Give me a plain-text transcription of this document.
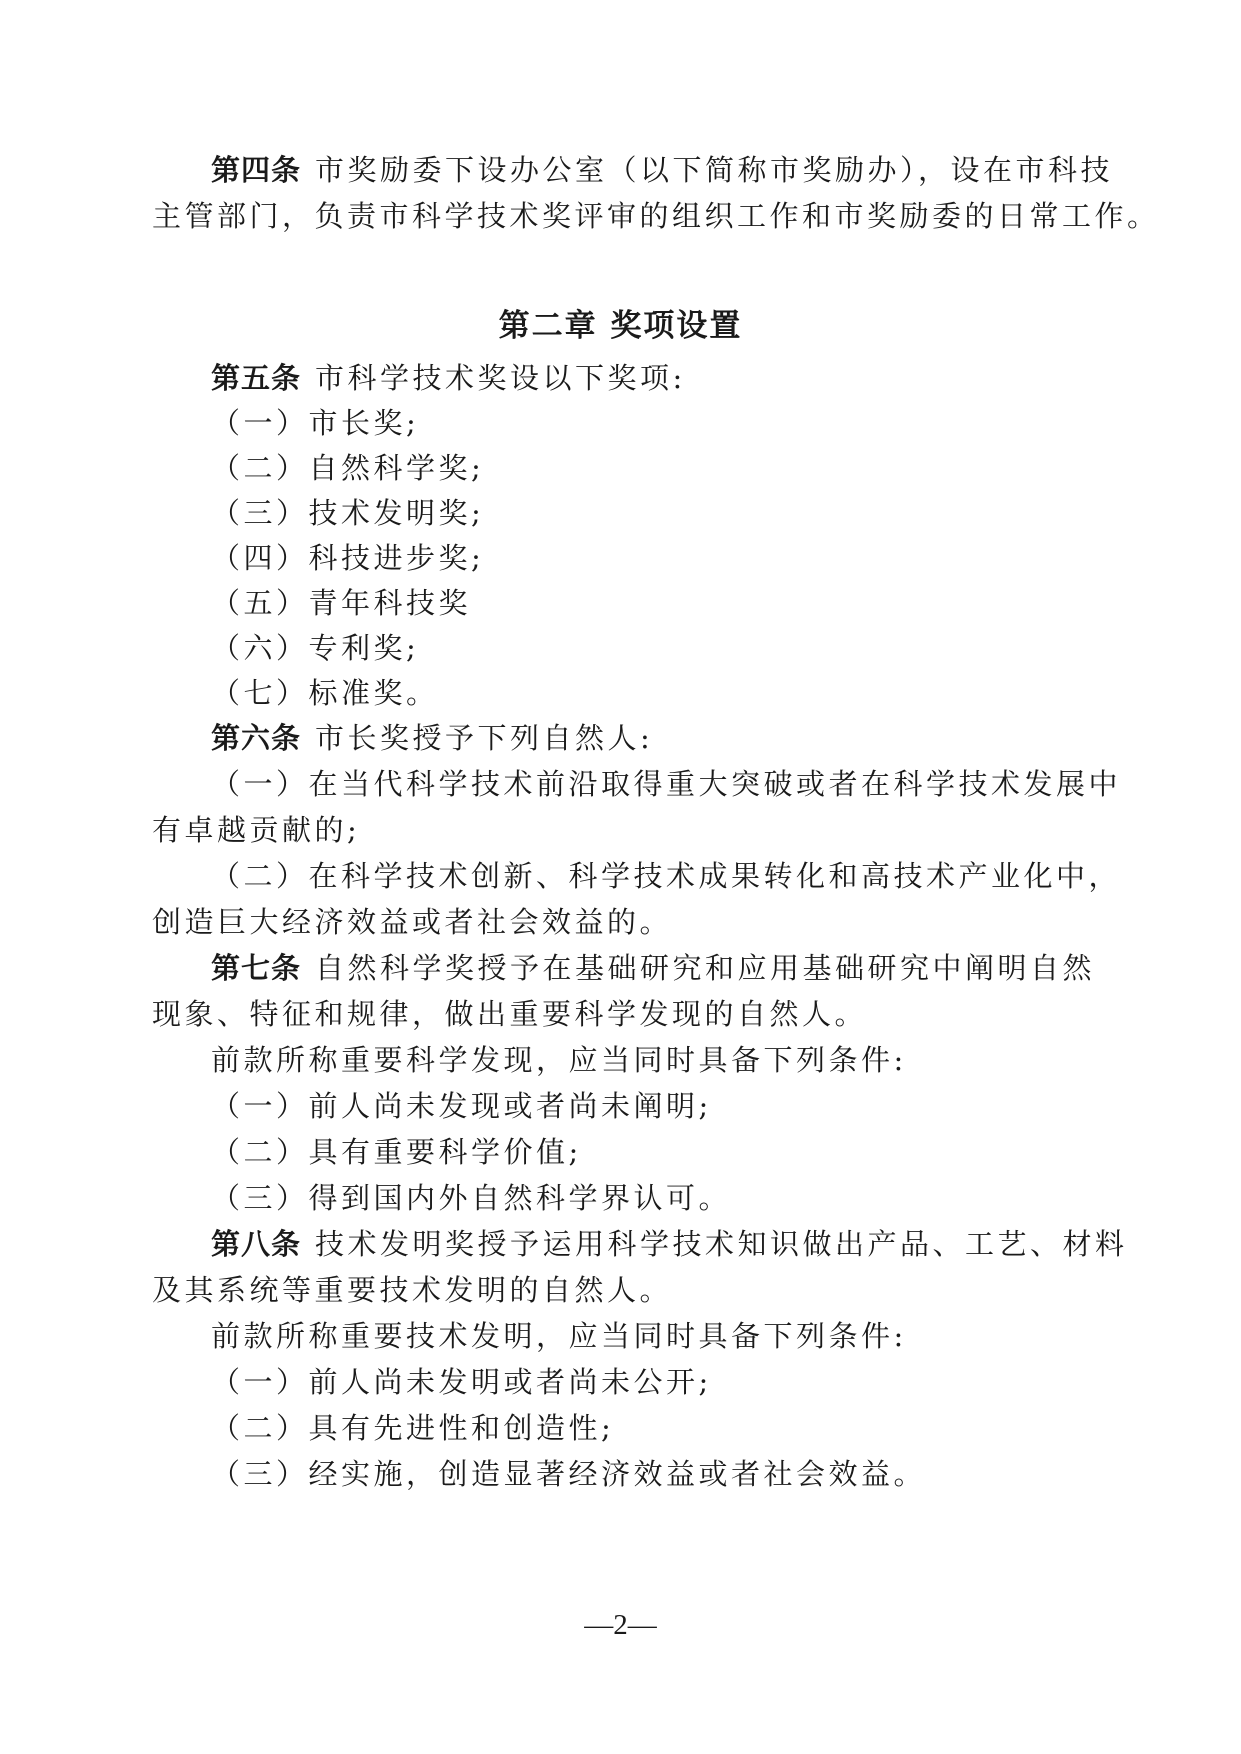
第四条 市奖励委下设办公室（以下简称市奖励办），设在市科技
主管部门，负责市科学技术奖评审的组织工作和市奖励委的日常工作。
第二章 奖项设置
第五条 市科学技术奖设以下奖项:
（一）市长奖;
（二）自然科学奖;
（三）技术发明奖;
（四）科技进步奖;
（五）青年科技奖
（六）专利奖;
（七）标准奖。
第六条 市长奖授予下列自然人:
（一）在当代科学技术前沿取得重大突破或者在科学技术发展中
有卓越贡献的;
（二）在科学技术创新、科学技术成果转化和高技术产业化中，
创造巨大经济效益或者社会效益的。
第七条 自然科学奖授予在基础研究和应用基础研究中阐明自然
现象、特征和规律，做出重要科学发现的自然人。
前款所称重要科学发现，应当同时具备下列条件:
（一）前人尚未发现或者尚未阐明;
（二）具有重要科学价值;
（三）得到国内外自然科学界认可。
第八条 技术发明奖授予运用科学技术知识做出产品、工艺、材料
及其系统等重要技术发明的自然人。
前款所称重要技术发明，应当同时具备下列条件:
（一）前人尚未发明或者尚未公开;
（二）具有先进性和创造性;
（三）经实施，创造显著经济效益或者社会效益。
—2—
